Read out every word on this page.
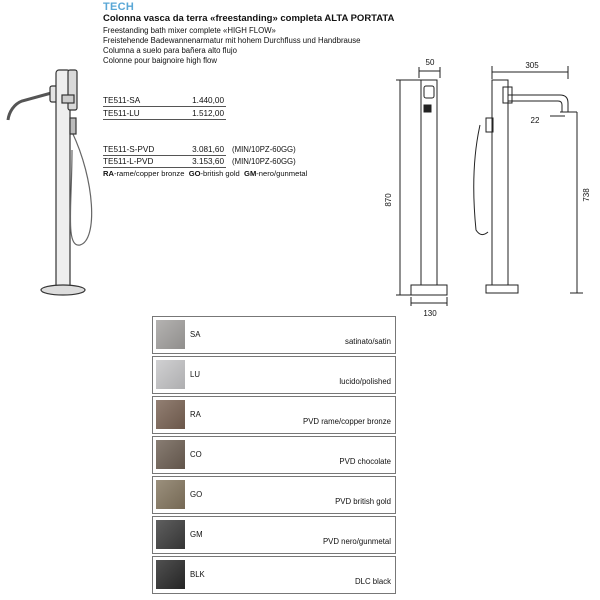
TECH
Colonna vasca da terra «freestanding» completa ALTA PORTATA
Freestanding bath mixer complete «HIGH FLOW»
Freistehende Badewannenarmatur mit hohem Durchfluss und Handbrause
Columna a suelo para bañera alto flujo
Colonne pour baignoire high flow
TE511-SA	1.440,00
TE511-LU	1.512,00
TE511-S-PVD	3.081,60 (MIN/10PZ-60GG)
TE511-L-PVD	3.153,60 (MIN/10PZ-60GG)
RA-rame/copper bronze GO-british gold GM-nero/gunmetal
50
870
130
305
22
738
SA
satinato/satin
LU
lucido/polished
RA
PVD rame/copper bronze
CO
PVD chocolate
GO
PVD british gold
GM
PVD nero/gunmetal
BLK
DLC black
